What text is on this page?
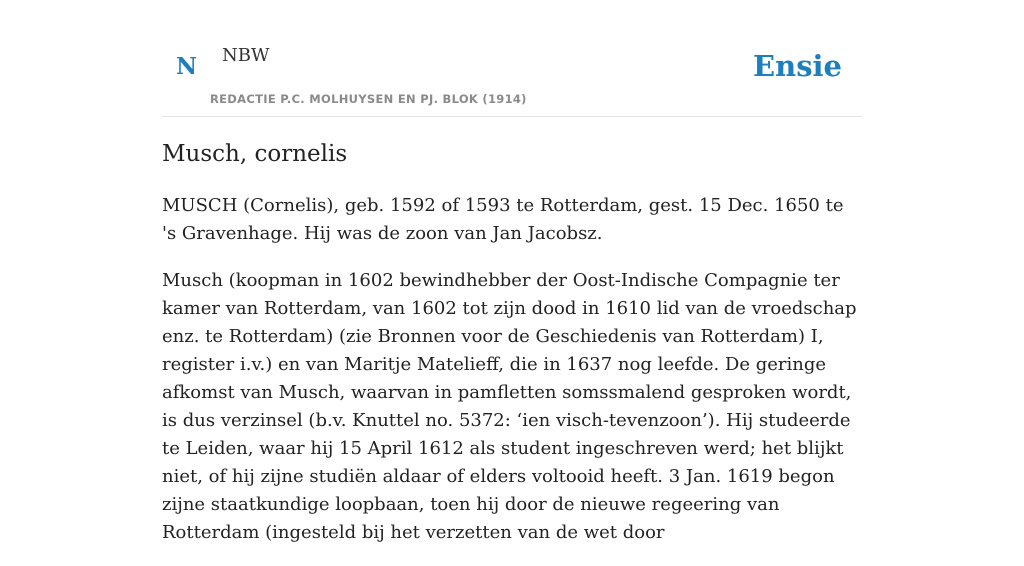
N NBW
REDACTIE P.C. MOLHUYSEN EN PJ. BLOK (1914)
Ensie
Musch, cornelis

MUSCH (Cornelis), geb. 1592 of 1593 te Rotterdam, gest. 15 Dec. 1650 te 's Gravenhage. Hij was de zoon van Jan Jacobsz.

Musch (koopman in 1602 bewindhebber der Oost-Indische Compagnie ter kamer van Rotterdam, van 1602 tot zijn dood in 1610 lid van de vroedschap enz. te Rotterdam) (zie Bronnen voor de Geschiedenis van Rotterdam) I, register i.v.) en van Maritje Matelieff, die in 1637 nog leefde. De geringe afkomst van Musch, waarvan in pamfletten somssmalend gesproken wordt, is dus verzinsel (b.v. Knuttel no. 5372: ‘ien visch-tevenzoon’). Hij studeerde te Leiden, waar hij 15 April 1612 als student ingeschreven werd; het blijkt niet, of hij zijne studiën aldaar of elders voltooid heeft. 3 Jan. 1619 begon zijne staatkundige loopbaan, toen hij door de nieuwe regeering van Rotterdam (ingesteld bij het verzetten van de wet door
